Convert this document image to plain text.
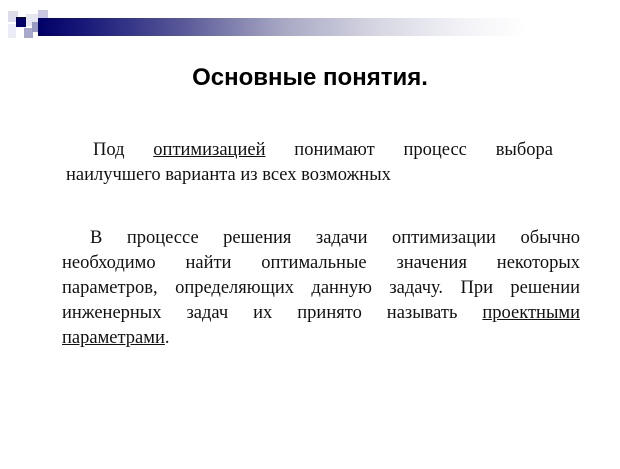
Основные понятия.
Под оптимизацией понимают процесс выбора
наилучшего варианта из всех возможных
В процессе решения задачи оптимизации обычно
необходимо найти оптимальные значения некоторых
параметров, определяющих данную задачу. При решении
инженерных задач их принято называть проектными
параметрами.
